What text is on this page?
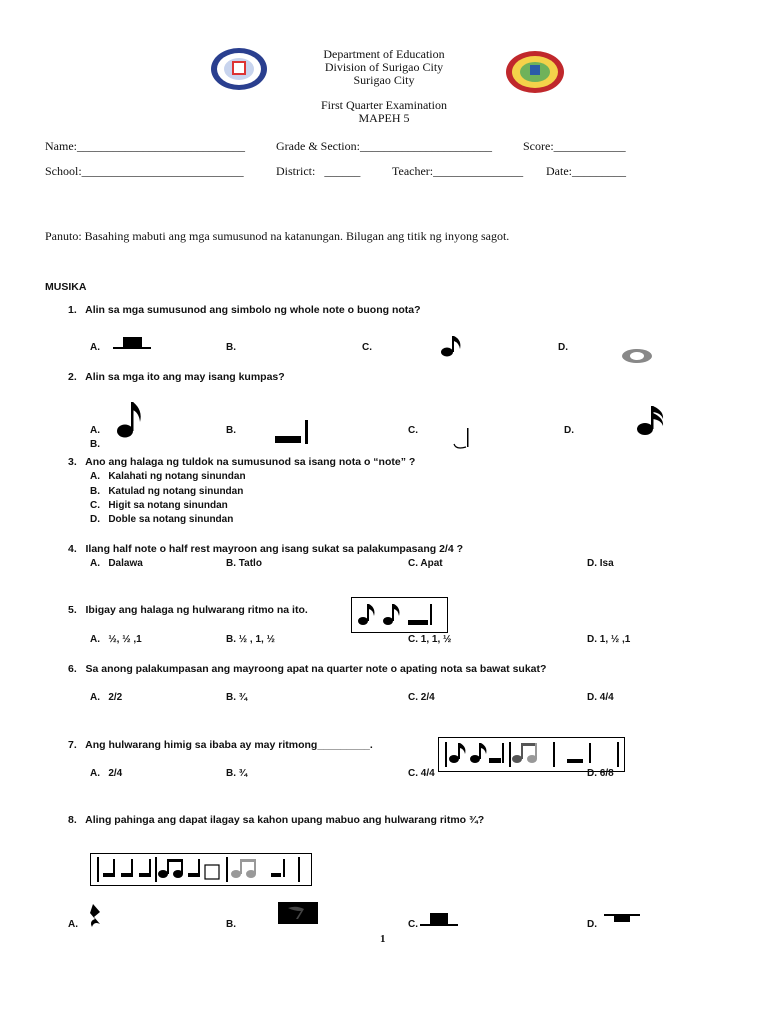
Department of Education
Division of Surigao City
Surigao City
First Quarter Examination
MAPEH 5
Name:____________________________	Grade & Section:______________________	Score:____________
School:___________________________	District:   ______	Teacher:_______________ Date:_________
Panuto: Basahing mabuti ang mga sumusunod na katanungan. Bilugan ang titik ng inyong sagot.
MUSIKA
1.   Alin sa mga sumusunod ang simbolo ng whole note o buong nota?
A.	B.	C.	D.
2.   Alin sa mga ito ang may isang kumpas?
A.	B.	C.	D.
B.
3.   Ano ang halaga ng tuldok na sumusunod sa isang nota o “note” ?
A.   Kalahati ng notang sinundan
B.   Katulad ng notang sinundan
C.   Higit sa notang sinundan
D.   Doble sa notang sinundan
4.   Ilang half note o half rest mayroon ang isang sukat sa palakumpasang 2/4 ?
A.   Dalawa	B. Tatlo	C. Apat	D. Isa
5.   Ibigay ang halaga ng hulwarang ritmo na ito.
A.   ½, ½ ,1	B. ½ , 1, ½	C. 1, 1, ½	D. 1, ½ ,1
6.   Sa anong palakumpasan ang mayroong apat na quarter note o apating nota sa bawat sukat?
A.   2/2	B. ¾	C. 2/4	D. 4/4
7.   Ang hulwarang himig sa ibaba ay may ritmong_________.
A.   2/4	B. ¾	C. 4/4	D. 6/8
8.   Aling pahinga ang dapat ilagay sa kahon upang mabuo ang hulwarang ritmo ¾?
A.	B.	C.	D.
1
